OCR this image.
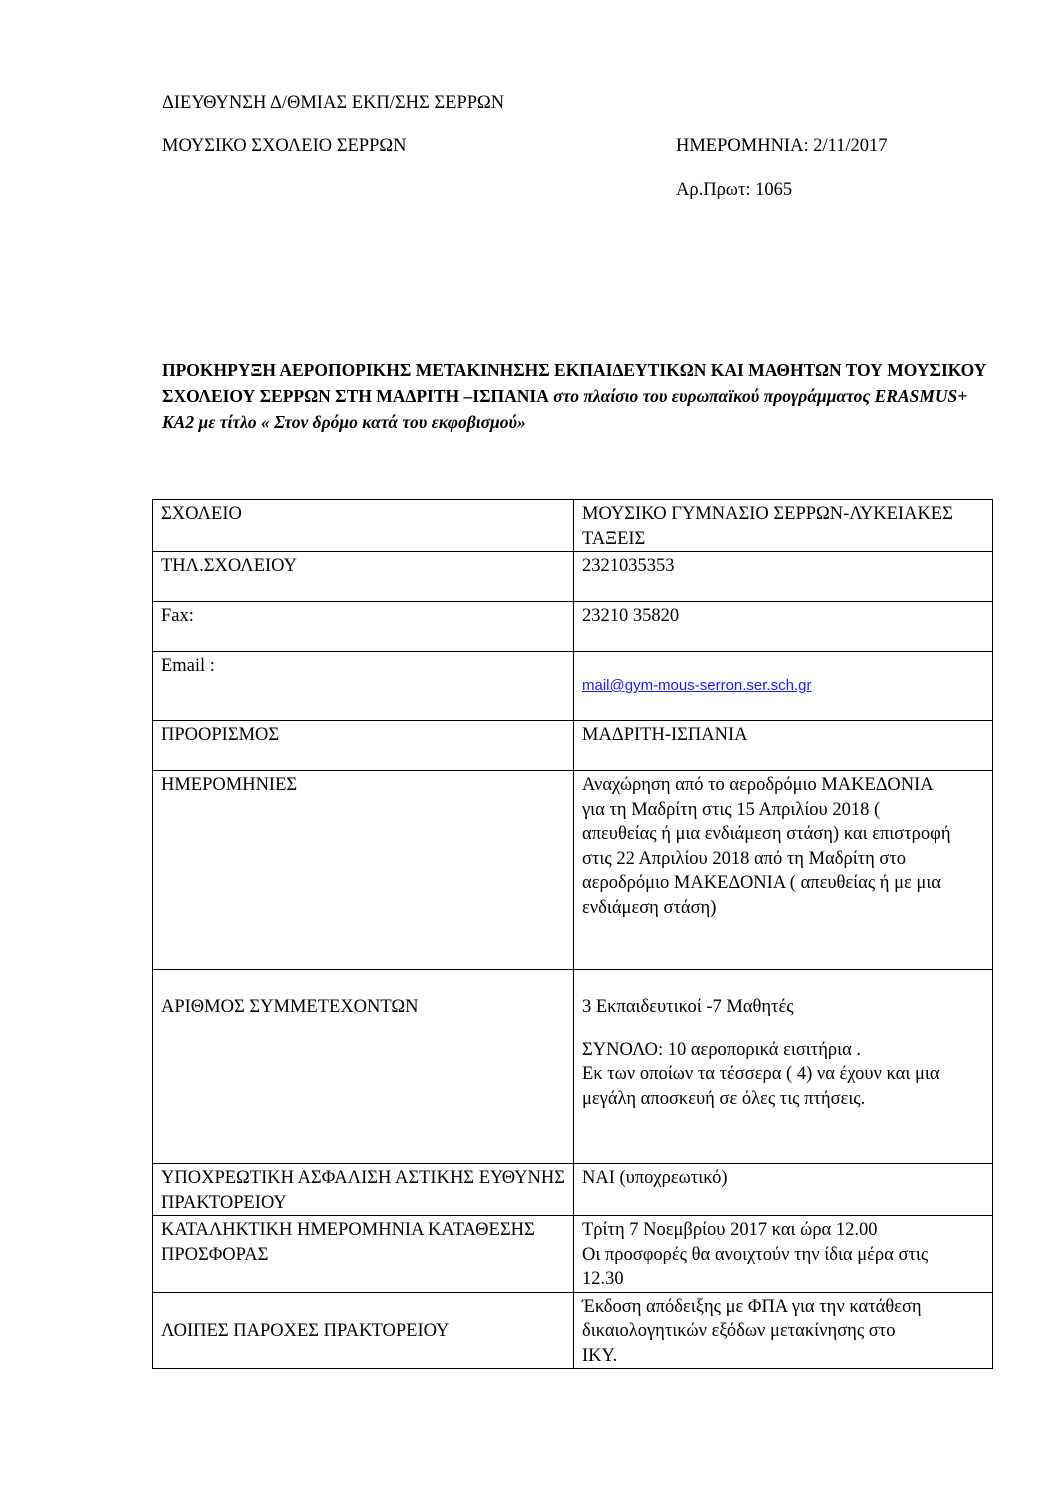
ΔΙΕΥΘΥΝΣΗ Δ/ΘΜΙΑΣ ΕΚΠ/ΣΗΣ ΣΕΡΡΩΝ
ΜΟΥΣΙΚΟ ΣΧΟΛΕΙΟ ΣΕΡΡΩΝ	ΗΜΕΡΟΜΗΝΙΑ: 2/11/2017
Αρ.Πρωτ: 1065
ΠΡΟΚΗΡΥΞΗ ΑΕΡΟΠΟΡΙΚΗΣ ΜΕΤΑΚΙΝΗΣΗΣ ΕΚΠΑΙΔΕΥΤΙΚΩΝ ΚΑΙ ΜΑΘΗΤΩΝ ΤΟΥ ΜΟΥΣΙΚΟΥ ΣΧΟΛΕΙΟΥ ΣΕΡΡΩΝ ΣΤΗ ΜΑΔΡΙΤΗ –ΙΣΠΑΝΙΑ στο πλαίσιο του ευρωπαϊκού προγράμματος ERASMUS+ KA2 με τίτλο « Στον δρόμο κατά του εκφοβισμού»
ΣΧΟΛΕΙΟ	ΜΟΥΣΙΚΟ ΓΥΜΝΑΣΙΟ ΣΕΡΡΩΝ-ΛΥΚΕΙΑΚΕΣ ΤΑΞΕΙΣ
ΤΗΛ.ΣΧΟΛΕΙΟΥ	2321035353
Fax:	23210 35820
Email :	mail@gym-mous-serron.ser.sch.gr
ΠΡΟΟΡΙΣΜΟΣ	ΜΑΔΡΙΤΗ-ΙΣΠΑΝΙΑ
ΗΜΕΡΟΜΗΝΙΕΣ	Αναχώρηση από το αεροδρόμιο ΜΑΚΕΔΟΝΙΑ για τη Μαδρίτη στις 15 Απριλίου 2018 ( απευθείας ή μια ενδιάμεση στάση) και επιστροφή στις 22 Απριλίου 2018 από τη Μαδρίτη στο αεροδρόμιο ΜΑΚΕΔΟΝΙΑ ( απευθείας ή με μια ενδιάμεση στάση)

ΑΡΙΘΜΟΣ ΣΥΜΜΕΤΕΧΟΝΤΩΝ	3 Εκπαιδευτικοί -7 Μαθητές
ΣΥΝΟΛΟ: 10 αεροπορικά εισιτήρια .
Εκ των οποίων τα τέσσερα ( 4) να έχουν και μια μεγάλη αποσκευή σε όλες τις πτήσεις.

ΥΠΟΧΡΕΩΤΙΚΗ ΑΣΦΑΛΙΣΗ ΑΣΤΙΚΗΣ ΕΥΘΥΝΗΣ ΠΡΑΚΤΟΡΕΙΟΥ	ΝΑΙ (υποχρεωτικό)
ΚΑΤΑΛΗΚΤΙΚΗ ΗΜΕΡΟΜΗΝΙΑ ΚΑΤΑΘΕΣΗΣ ΠΡΟΣΦΟΡΑΣ	Τρίτη 7 Νοεμβρίου 2017 και ώρα 12.00
Οι προσφορές θα ανοιχτούν την ίδια μέρα στις 12.30

ΛΟΙΠΕΣ ΠΑΡΟΧΕΣ ΠΡΑΚΤΟΡΕΙΟΥ	Έκδοση απόδειξης με ΦΠΑ για την κατάθεση δικαιολογητικών εξόδων μετακίνησης στο ΙΚΥ.
